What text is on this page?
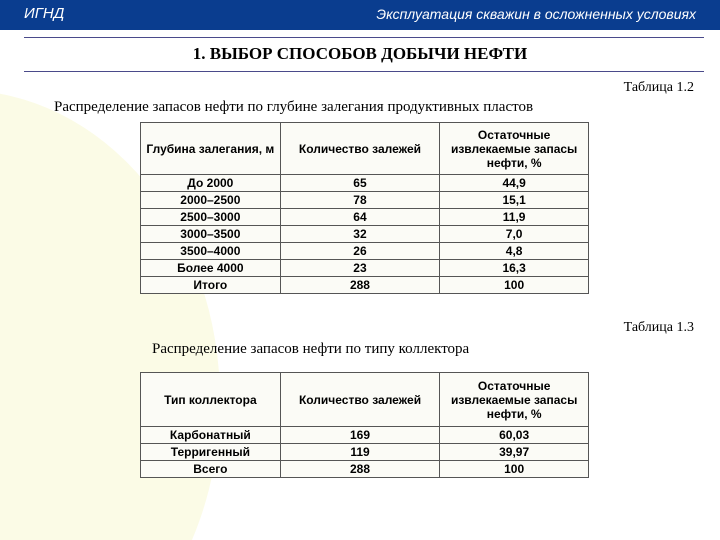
ИГНД	Эксплуатация скважин в осложненных условиях
1. ВЫБОР СПОСОБОВ ДОБЫЧИ НЕФТИ
Таблица 1.2
Распределение запасов нефти по глубине залегания продуктивных пластов
Глубина залегания, м	Количество залежей	Остаточные извлекаемые запасы нефти, %
До 2000	65	44,9
2000–2500	78	15,1
2500–3000	64	11,9
3000–3500	32	7,0
3500–4000	26	4,8
Более 4000	23	16,3
Итого	288	100
Таблица 1.3
Распределение запасов нефти по типу коллектора
Тип коллектора	Количество залежей	Остаточные извлекаемые запасы нефти, %
Карбонатный	169	60,03
Терригенный	119	39,97
Всего	288	100
